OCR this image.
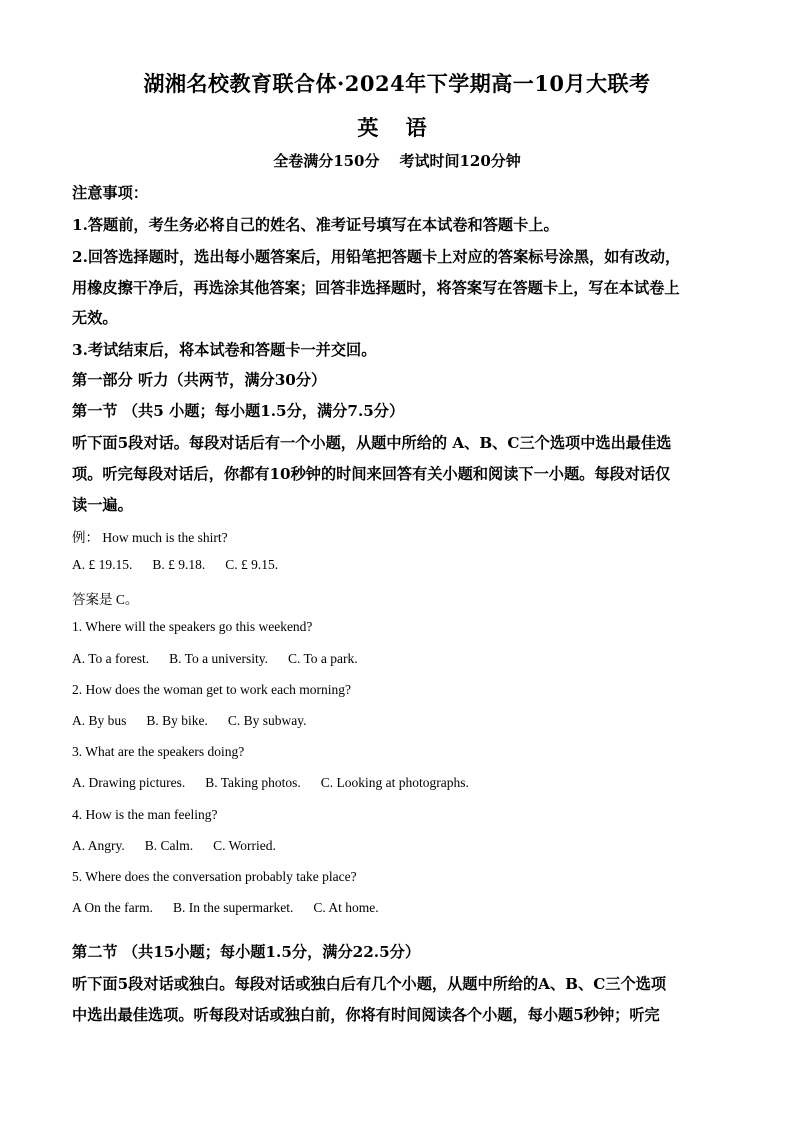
湖湘名校教育联合体·2024年下学期高一10月大联考
英 语
全卷满分150分 考试时间120分钟
注意事项：
1.答题前，考生务必将自己的姓名、准考证号填写在本试卷和答题卡上。
2.回答选择题时，选出每小题答案后，用铅笔把答题卡上对应的答案标号涂黑，如有改动，
用橡皮擦干净后，再选涂其他答案；回答非选择题时，将答案写在答题卡上，写在本试卷上
无效。
3.考试结束后，将本试卷和答题卡一并交回。
第一部分 听力（共两节，满分30分）
第一节 （共5 小题；每小题1.5分，满分7.5分）
听下面5段对话。每段对话后有一个小题，从题中所给的 A、B、C三个选项中选出最佳选
项。听完每段对话后，你都有10秒钟的时间来回答有关小题和阅读下一小题。每段对话仅
读一遍。
例： How much is the shirt?
A. £ 19.15. B. £ 9.18. C. £ 9.15.
答案是 C。
1. Where will the speakers go this weekend?
A. To a forest. B. To a university. C. To a park.
2. How does the woman get to work each morning?
A. By bus B. By bike. C. By subway.
3. What are the speakers doing?
A. Drawing pictures. B. Taking photos. C. Looking at photographs.
4. How is the man feeling?
A. Angry. B. Calm. C. Worried.
5. Where does the conversation probably take place?
A On the farm. B. In the supermarket. C. At home.
第二节 （共15小题；每小题1.5分，满分22.5分）
听下面5段对话或独白。每段对话或独白后有几个小题，从题中所给的A、B、C三个选项
中选出最佳选项。听每段对话或独白前，你将有时间阅读各个小题，每小题5秒钟；听完
